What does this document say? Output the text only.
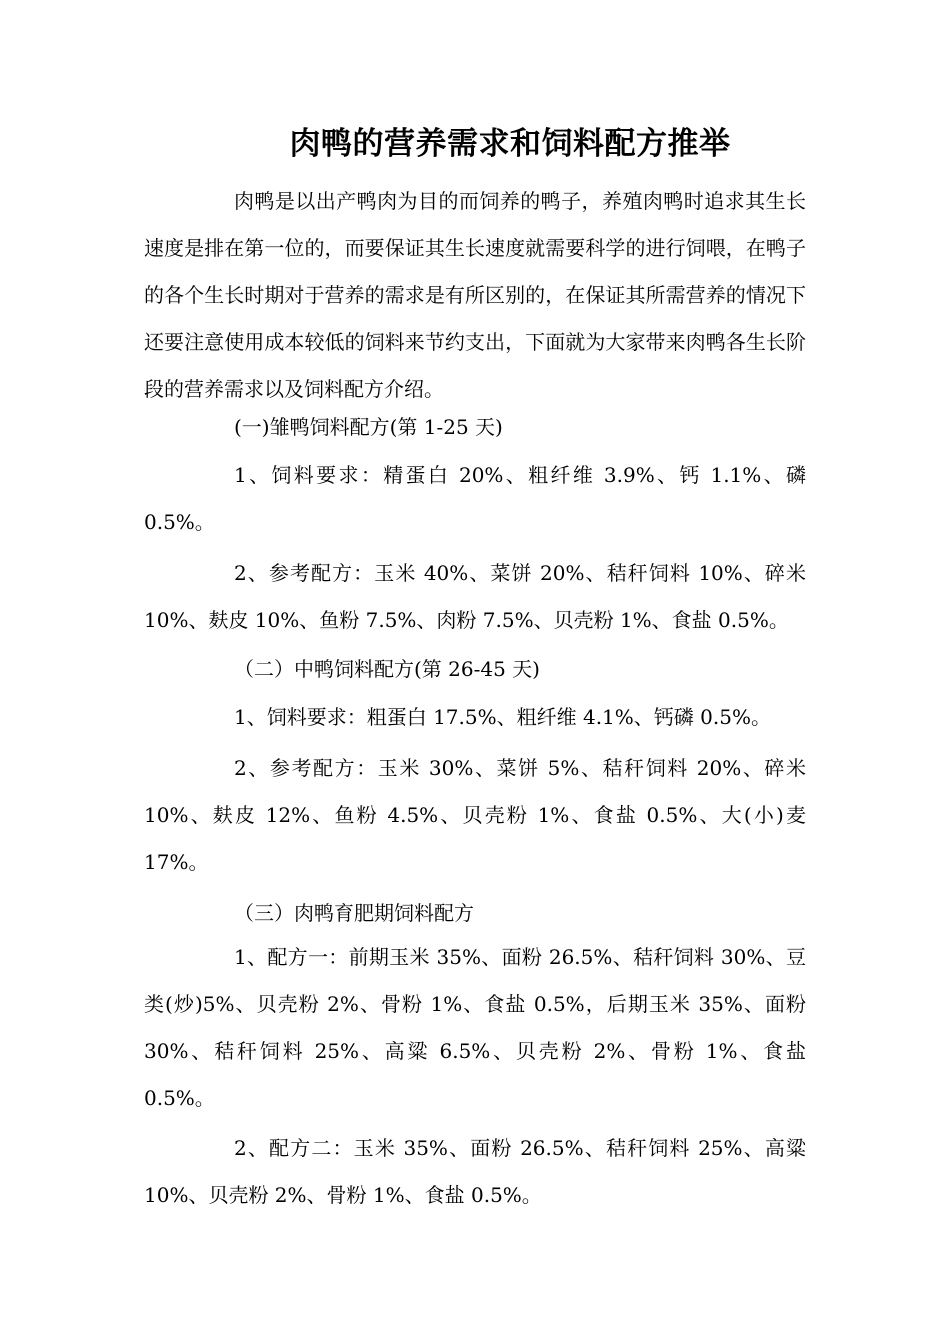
肉鸭的营养需求和饲料配方推举

肉鸭是以出产鸭肉为目的而饲养的鸭子，养殖肉鸭时追求其生长速度是排在第一位的，而要保证其生长速度就需要科学的进行饲喂，在鸭子的各个生长时期对于营养的需求是有所区别的，在保证其所需营养的情况下还要注意使用成本较低的饲料来节约支出，下面就为大家带来肉鸭各生长阶段的营养需求以及饲料配方介绍。

(一)雏鸭饲料配方(第 1-25 天)

1、饲料要求：精蛋白 20%、粗纤维 3.9%、钙 1.1%、磷 0.5%。

2、参考配方：玉米 40%、菜饼 20%、秸秆饲料 10%、碎米 10%、麸皮 10%、鱼粉 7.5%、肉粉 7.5%、贝壳粉 1%、食盐 0.5%。

（二）中鸭饲料配方(第 26-45 天)

1、饲料要求：粗蛋白 17.5%、粗纤维 4.1%、钙磷 0.5%。

2、参考配方：玉米 30%、菜饼 5%、秸秆饲料 20%、碎米 10%、麸皮 12%、鱼粉 4.5%、贝壳粉 1%、食盐 0.5%、大(小)麦 17%。

（三）肉鸭育肥期饲料配方

1、配方一：前期玉米 35%、面粉 26.5%、秸秆饲料 30%、豆类(炒)5%、贝壳粉 2%、骨粉 1%、食盐 0.5%，后期玉米 35%、面粉 30%、秸秆饲料 25%、高粱 6.5%、贝壳粉 2%、骨粉 1%、食盐 0.5%。

2、配方二：玉米 35%、面粉 26.5%、秸秆饲料 25%、高粱 10%、贝壳粉 2%、骨粉 1%、食盐 0.5%。
